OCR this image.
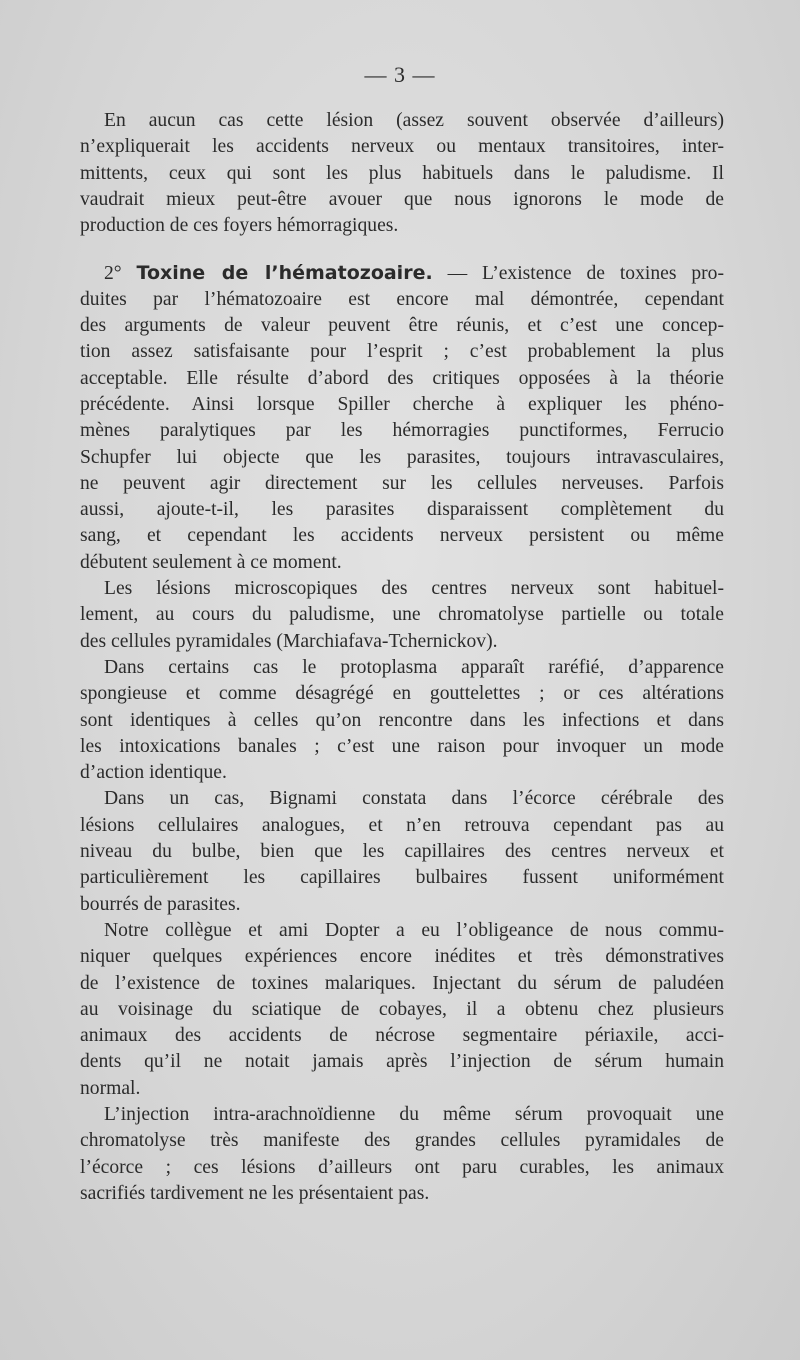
— 3 —
En aucun cas cette lésion (assez souvent observée d’ailleurs)
n’expliquerait les accidents nerveux ou mentaux transitoires, inter-
mittents, ceux qui sont les plus habituels dans le paludisme. Il
vaudrait mieux peut-être avouer que nous ignorons le mode de
production de ces foyers hémorragiques.
2° Toxine de l’hématozoaire. — L’existence de toxines pro-
duites par l’hématozoaire est encore mal démontrée, cependant
des arguments de valeur peuvent être réunis, et c’est une concep-
tion assez satisfaisante pour l’esprit ; c’est probablement la plus
acceptable. Elle résulte d’abord des critiques opposées à la théorie
précédente. Ainsi lorsque Spiller cherche à expliquer les phéno-
mènes paralytiques par les hémorragies punctiformes, Ferrucio
Schupfer lui objecte que les parasites, toujours intravasculaires,
ne peuvent agir directement sur les cellules nerveuses. Parfois
aussi, ajoute-t-il, les parasites disparaissent complètement du
sang, et cependant les accidents nerveux persistent ou même
débutent seulement à ce moment.
Les lésions microscopiques des centres nerveux sont habituel-
lement, au cours du paludisme, une chromatolyse partielle ou totale
des cellules pyramidales (Marchiafava-Tchernickov).
Dans certains cas le protoplasma apparaît raréfié, d’apparence
spongieuse et comme désagrégé en gouttelettes ; or ces altérations
sont identiques à celles qu’on rencontre dans les infections et dans
les intoxications banales ; c’est une raison pour invoquer un mode
d’action identique.
Dans un cas, Bignami constata dans l’écorce cérébrale des
lésions cellulaires analogues, et n’en retrouva cependant pas au
niveau du bulbe, bien que les capillaires des centres nerveux et
particulièrement les capillaires bulbaires fussent uniformément
bourrés de parasites.
Notre collègue et ami Dopter a eu l’obligeance de nous commu-
niquer quelques expériences encore inédites et très démonstratives
de l’existence de toxines malariques. Injectant du sérum de paludéen
au voisinage du sciatique de cobayes, il a obtenu chez plusieurs
animaux des accidents de nécrose segmentaire périaxile, acci-
dents qu’il ne notait jamais après l’injection de sérum humain
normal.
L’injection intra-arachnoïdienne du même sérum provoquait une
chromatolyse très manifeste des grandes cellules pyramidales de
l’écorce ; ces lésions d’ailleurs ont paru curables, les animaux
sacrifiés tardivement ne les présentaient pas.
